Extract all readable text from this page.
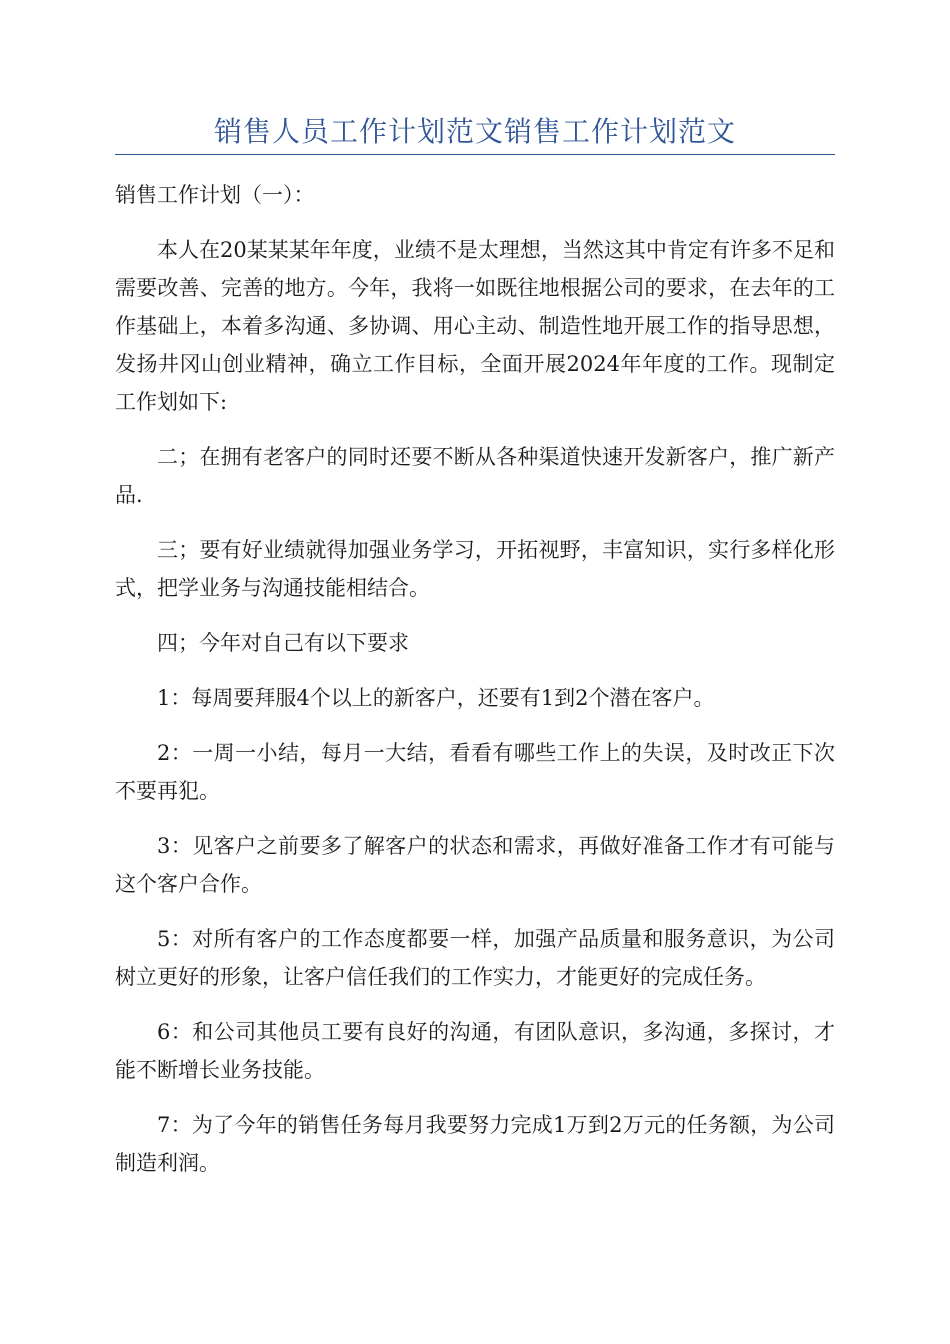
销售人员工作计划范文销售工作计划范文

销售工作计划（一）：

本人在20某某某年年度，业绩不是太理想，当然这其中肯定有许多不足和需要改善、完善的地方。今年，我将一如既往地根据公司的要求，在去年的工作基础上，本着多沟通、多协调、用心主动、制造性地开展工作的指导思想，发扬井冈山创业精神，确立工作目标，全面开展2024年年度的工作。现制定工作划如下:

二；在拥有老客户的同时还要不断从各种渠道快速开发新客户，推广新产品.

三；要有好业绩就得加强业务学习，开拓视野，丰富知识，实行多样化形式，把学业务与沟通技能相结合。

四；今年对自己有以下要求

1：每周要拜服4个以上的新客户，还要有1到2个潜在客户。

2：一周一小结，每月一大结，看看有哪些工作上的失误，及时改正下次不要再犯。

3：见客户之前要多了解客户的状态和需求，再做好准备工作才有可能与这个客户合作。

5：对所有客户的工作态度都要一样，加强产品质量和服务意识，为公司树立更好的形象，让客户信任我们的工作实力，才能更好的完成任务。

6：和公司其他员工要有良好的沟通，有团队意识，多沟通，多探讨，才能不断增长业务技能。

7：为了今年的销售任务每月我要努力完成1万到2万元的任务额，为公司制造利润。
